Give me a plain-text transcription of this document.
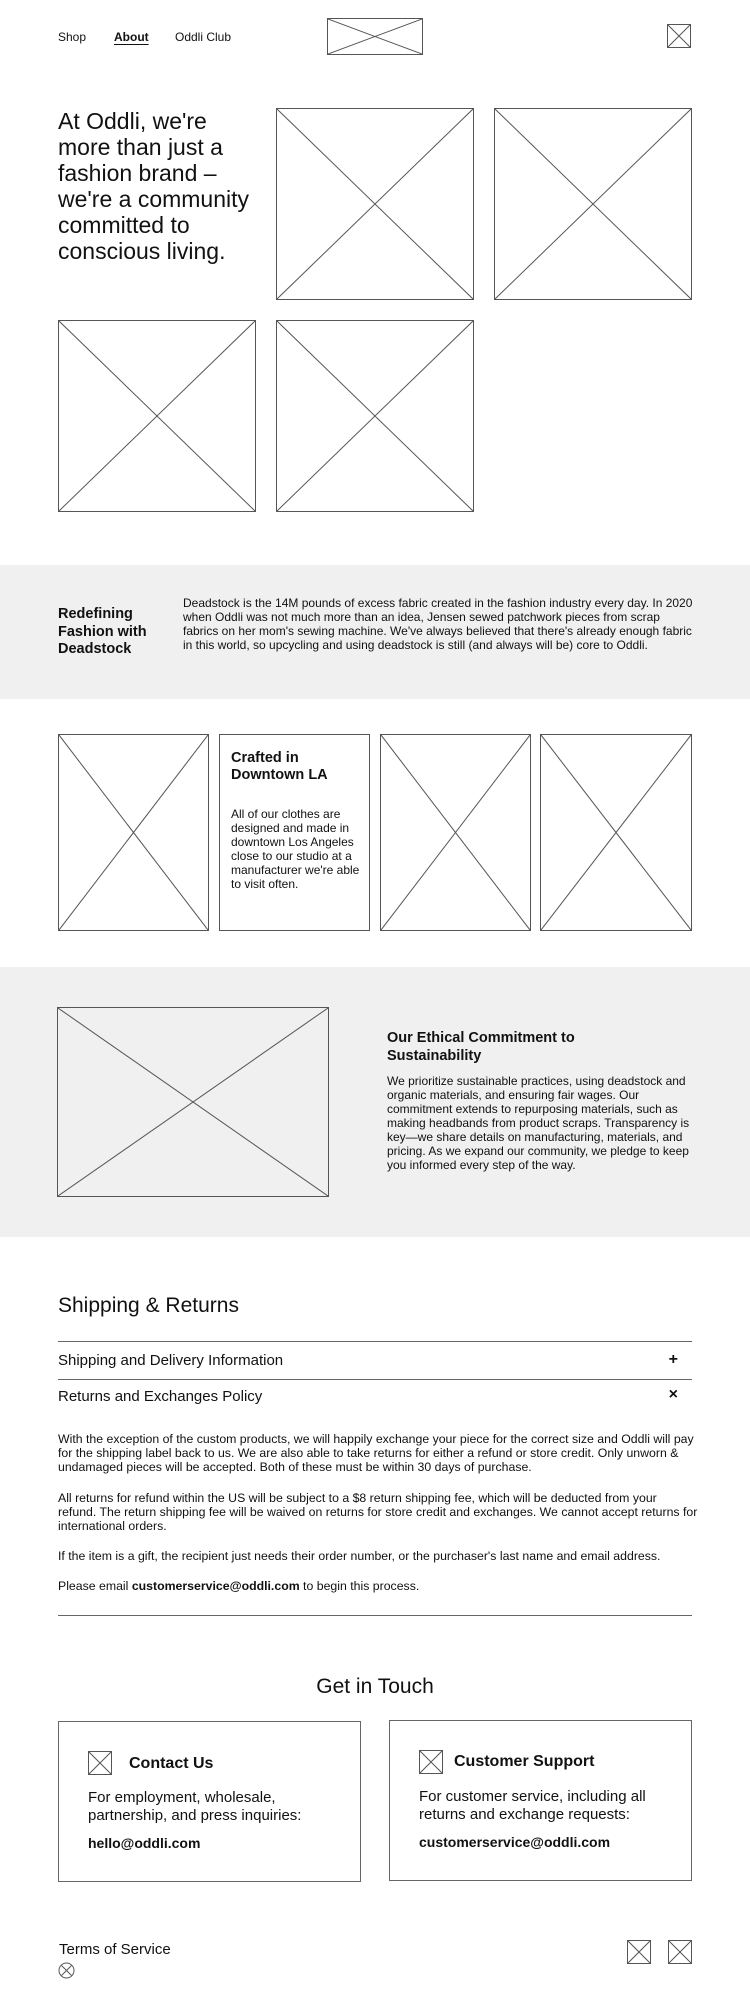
Shop About Oddli Club
At Oddli, we're more than just a fashion brand – we're a community committed to conscious living.
Redefining Fashion with Deadstock

Deadstock is the 14M pounds of excess fabric created in the fashion industry every day. In 2020 when Oddli was not much more than an idea, Jensen sewed patchwork pieces from scrap fabrics on her mom's sewing machine. We've always believed that there's already enough fabric in this world, so upcycling and using deadstock is still (and always will be) core to Oddli.

Crafted in Downtown LA

All of our clothes are designed and made in downtown Los Angeles close to our studio at a manufacturer we're able to visit often.

Our Ethical Commitment to Sustainability

We prioritize sustainable practices, using deadstock and organic materials, and ensuring fair wages. Our commitment extends to repurposing materials, such as making headbands from product scraps. Transparency is key—we share details on manufacturing, materials, and pricing. As we expand our community, we pledge to keep you informed every step of the way.

Shipping & Returns
Shipping and Delivery Information	+
Returns and Exchanges Policy	×

With the exception of the custom products, we will happily exchange your piece for the correct size and Oddli will pay for the shipping label back to us. We are also able to take returns for either a refund or store credit. Only unworn & undamaged pieces will be accepted. Both of these must be within 30 days of purchase.

All returns for refund within the US will be subject to a $8 return shipping fee, which will be deducted from your refund. The return shipping fee will be waived on returns for store credit and exchanges. We cannot accept returns for international orders.

If the item is a gift, the recipient just needs their order number, or the purchaser's last name and email address.

Please email customerservice@oddli.com to begin this process.

Get in Touch
Contact Us
For employment, wholesale, partnership, and press inquiries:
hello@oddli.com
Customer Support
For customer service, including all returns and exchange requests:
customerservice@oddli.com
Terms of Service
